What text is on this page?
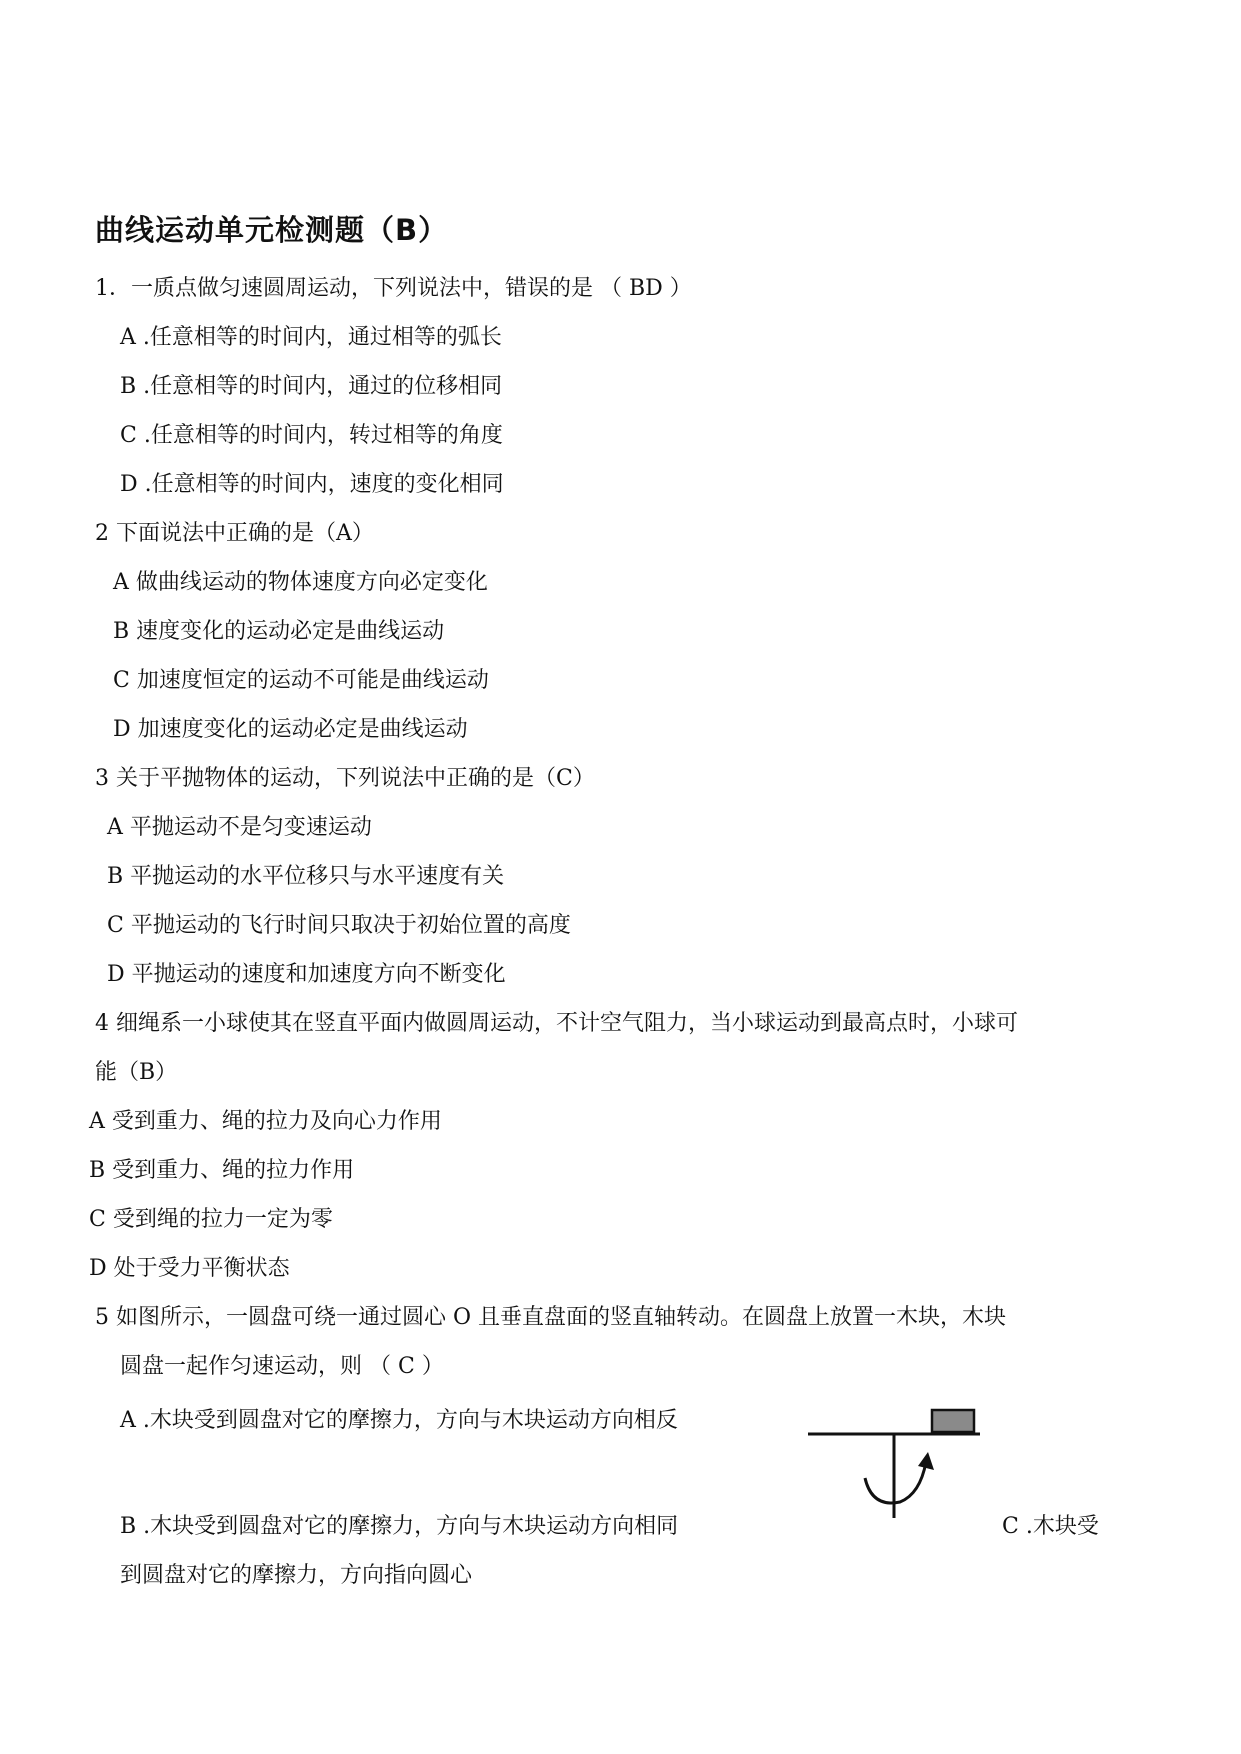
曲线运动单元检测题（B）
1．一质点做匀速圆周运动，下列说法中，错误的是 （ BD ）
A .任意相等的时间内，通过相等的弧长
B .任意相等的时间内，通过的位移相同
C .任意相等的时间内，转过相等的角度
D .任意相等的时间内，速度的变化相同
2 下面说法中正确的是（A）
A 做曲线运动的物体速度方向必定变化
B 速度变化的运动必定是曲线运动
C 加速度恒定的运动不可能是曲线运动
D 加速度变化的运动必定是曲线运动
3 关于平抛物体的运动，下列说法中正确的是（C）
A 平抛运动不是匀变速运动
B 平抛运动的水平位移只与水平速度有关
C 平抛运动的飞行时间只取决于初始位置的高度
D 平抛运动的速度和加速度方向不断变化
4 细绳系一小球使其在竖直平面内做圆周运动，不计空气阻力，当小球运动到最高点时，小球可
能（B）
A 受到重力、绳的拉力及向心力作用
B 受到重力、绳的拉力作用
C 受到绳的拉力一定为零
D 处于受力平衡状态
5 如图所示，一圆盘可绕一通过圆心 O 且垂直盘面的竖直轴转动。在圆盘上放置一木块，木块
圆盘一起作匀速运动，则 （ C ）
A .木块受到圆盘对它的摩擦力，方向与木块运动方向相反
B .木块受到圆盘对它的摩擦力，方向与木块运动方向相同	C .木块受
到圆盘对它的摩擦力，方向指向圆心
